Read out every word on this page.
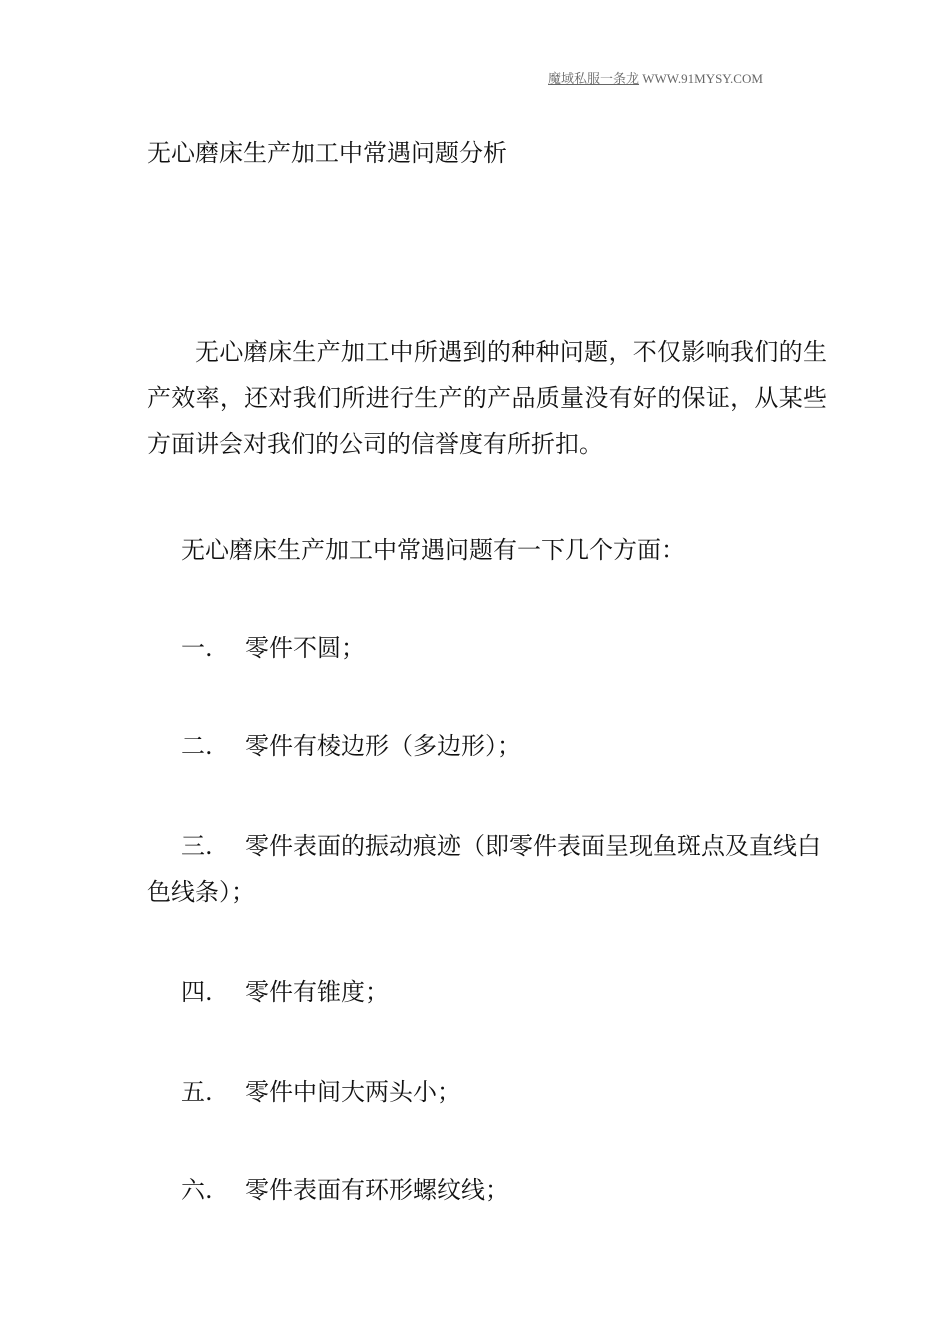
魔域私服一条龙 WWW.91MYSY.COM
无心磨床生产加工中常遇问题分析

无心磨床生产加工中所遇到的种种问题，不仅影响我们的生产效率，还对我们所进行生产的产品质量没有好的保证，从某些方面讲会对我们的公司的信誉度有所折扣。

无心磨床生产加工中常遇问题有一下几个方面：

一. 零件不圆；

二. 零件有棱边形（多边形）；

三. 零件表面的振动痕迹（即零件表面呈现鱼斑点及直线白色线条）；

四. 零件有锥度；

五. 零件中间大两头小；

六. 零件表面有环形螺纹线；
